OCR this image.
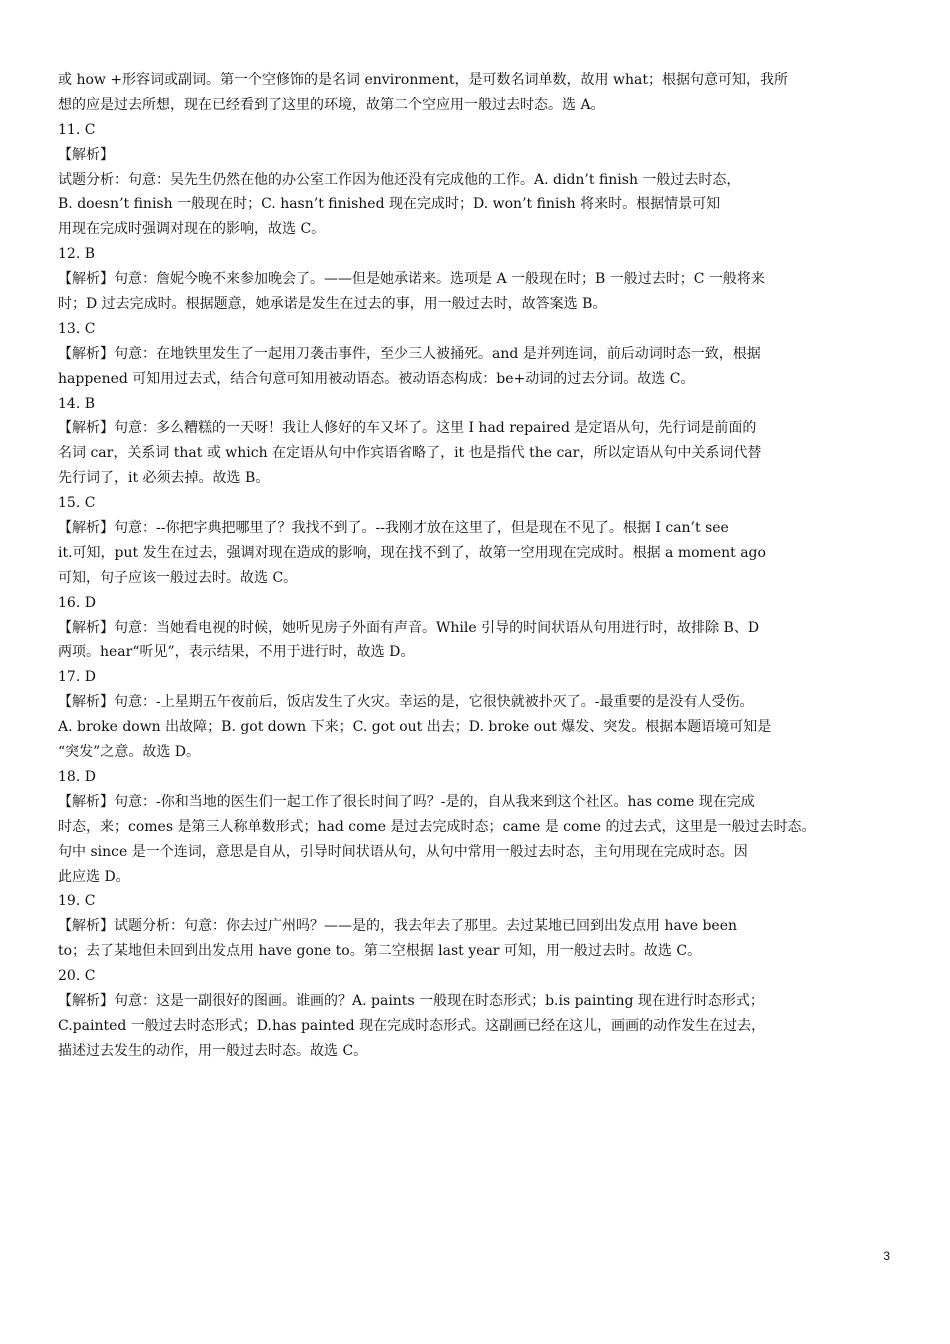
或 how +形容词或副词。第一个空修饰的是名词 environment，是可数名词单数，故用 what；根据句意可知，我所

想的应是过去所想，现在已经看到了这里的环境，故第二个空应用一般过去时态。选 A。

11. C

【解析】

试题分析：句意：吴先生仍然在他的办公室工作因为他还没有完成他的工作。A. didn’t finish 一般过去时态，

B. doesn’t finish 一般现在时；C. hasn’t finished 现在完成时；D. won’t finish 将来时。根据情景可知

用现在完成时强调对现在的影响，故选 C。

12. B

【解析】句意：詹妮今晚不来参加晚会了。——但是她承诺来。选项是 A 一般现在时；B 一般过去时；C 一般将来

时；D 过去完成时。根据题意，她承诺是发生在过去的事，用一般过去时，故答案选 B。

13. C

【解析】句意：在地铁里发生了一起用刀袭击事件，至少三人被捅死。and 是并列连词，前后动词时态一致，根据

happened 可知用过去式，结合句意可知用被动语态。被动语态构成：be+动词的过去分词。故选 C。

14. B

【解析】句意：多么糟糕的一天呀！我让人修好的车又坏了。这里 I had repaired 是定语从句，先行词是前面的

名词 car，关系词 that 或 which 在定语从句中作宾语省略了，it 也是指代 the car，所以定语从句中关系词代替

先行词了，it 必须去掉。故选 B。

15. C

【解析】句意：--你把字典把哪里了？我找不到了。--我刚才放在这里了，但是现在不见了。根据 I can’t see

it.可知，put 发生在过去，强调对现在造成的影响，现在找不到了，故第一空用现在完成时。根据 a moment ago

可知，句子应该一般过去时。故选 C。

16. D

【解析】句意：当她看电视的时候，她听见房子外面有声音。While 引导的时间状语从句用进行时，故排除 B、D

两项。hear“听见”，表示结果，不用于进行时，故选 D。

17. D

【解析】句意：-上星期五午夜前后，饭店发生了火灾。幸运的是，它很快就被扑灭了。-最重要的是没有人受伤。

A. broke down 出故障；B. got down 下来；C. got out 出去；D. broke out 爆发、突发。根据本题语境可知是

“突发”之意。故选 D。

18. D

【解析】句意：-你和当地的医生们一起工作了很长时间了吗？-是的，自从我来到这个社区。has come 现在完成

时态，来；comes 是第三人称单数形式；had come 是过去完成时态；came 是 come 的过去式，这里是一般过去时态。

句中 since 是一个连词，意思是自从，引导时间状语从句，从句中常用一般过去时态，主句用现在完成时态。因

此应选 D。

19. C

【解析】试题分析：句意：你去过广州吗？——是的，我去年去了那里。去过某地已回到出发点用 have been

to；去了某地但未回到出发点用 have gone to。第二空根据 last year 可知，用一般过去时。故选 C。

20. C

【解析】句意：这是一副很好的图画。谁画的？A. paints 一般现在时态形式；b.is painting 现在进行时态形式；

C.painted 一般过去时态形式；D.has painted 现在完成时态形式。这副画已经在这儿，画画的动作发生在过去，

描述过去发生的动作，用一般过去时态。故选 C。

3
